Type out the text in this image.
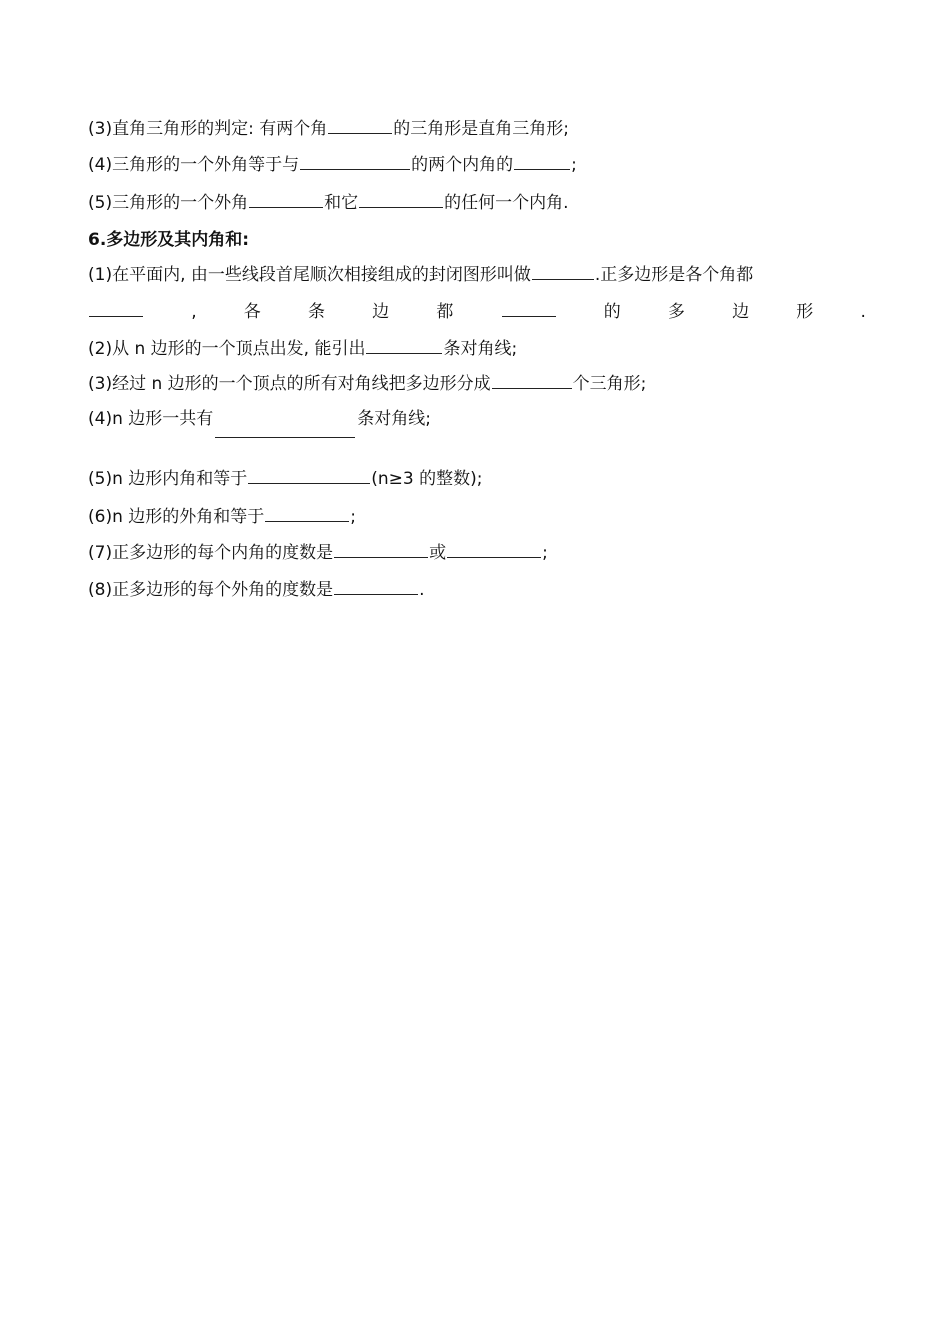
(3)直角三角形的判定: 有两个角	的三角形是直角三角形;
(4)三角形的一个外角等于与	的两个内角的	;
(5)三角形的一个外角	和它	的任何一个内角.
6.多边形及其内角和:
(1)在平面内, 由一些线段首尾顺次相接组成的封闭图形叫做	.正多边形是各个角都
,	各	条	边	都	的	多	边	形	.
(2)从 n 边形的一个顶点出发, 能引出	条对角线;
(3)经过 n 边形的一个顶点的所有对角线把多边形分成	个三角形;
(4)n 边形一共有	条对角线;
(5)n 边形内角和等于	(n≥3 的整数);
(6)n 边形的外角和等于	;
(7)正多边形的每个内角的度数是	或	;
(8)正多边形的每个外角的度数是	.
